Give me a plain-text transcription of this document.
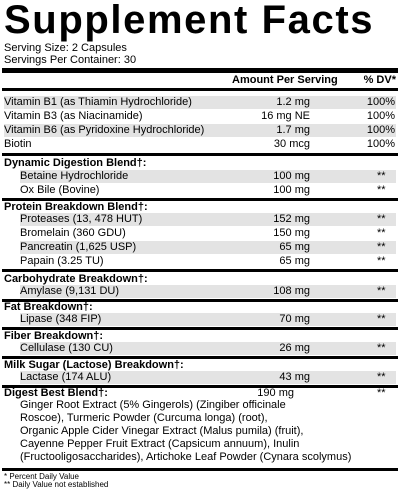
Supplement Facts
Serving Size: 2 Capsules
Servings Per Container: 30
Amount Per Serving % DV*
Vitamin B1 (as Thiamin Hydrochloride)	1.2 mg	100%
Vitamin B3 (as Niacinamide)	16 mg NE	100%
Vitamin B6 (as Pyridoxine Hydrochloride)	1.7 mg	100%
Biotin	30 mcg	100%
Dynamic Digestion Blend†:
Betaine Hydrochloride	100 mg	**
Ox Bile (Bovine)	100 mg	**
Protein Breakdown Blend†:
Proteases (13, 478 HUT)	152 mg	**
Bromelain (360 GDU)	150 mg	**
Pancreatin (1,625 USP)	65 mg	**
Papain (3.25 TU)	65 mg	**
Carbohydrate Breakdown†:
Amylase (9,131 DU)	108 mg	**
Fat Breakdown†:
Lipase (348 FIP)	70 mg	**
Fiber Breakdown†:
Cellulase (130 CU)	26 mg	**
Milk Sugar (Lactose) Breakdown†:
Lactase (174 ALU)	43 mg	**
Digest Best Blend†:	190 mg	**
Ginger Root Extract (5% Gingerols) (Zingiber officinale
Roscoe), Turmeric Powder (Curcuma longa) (root),
Organic Apple Cider Vinegar Extract (Malus pumila) (fruit),
Cayenne Pepper Fruit Extract (Capsicum annuum), Inulin
(Fructooligosaccharides), Artichoke Leaf Powder (Cynara scolymus)
* Percent Daily Value
** Daily Value not established
